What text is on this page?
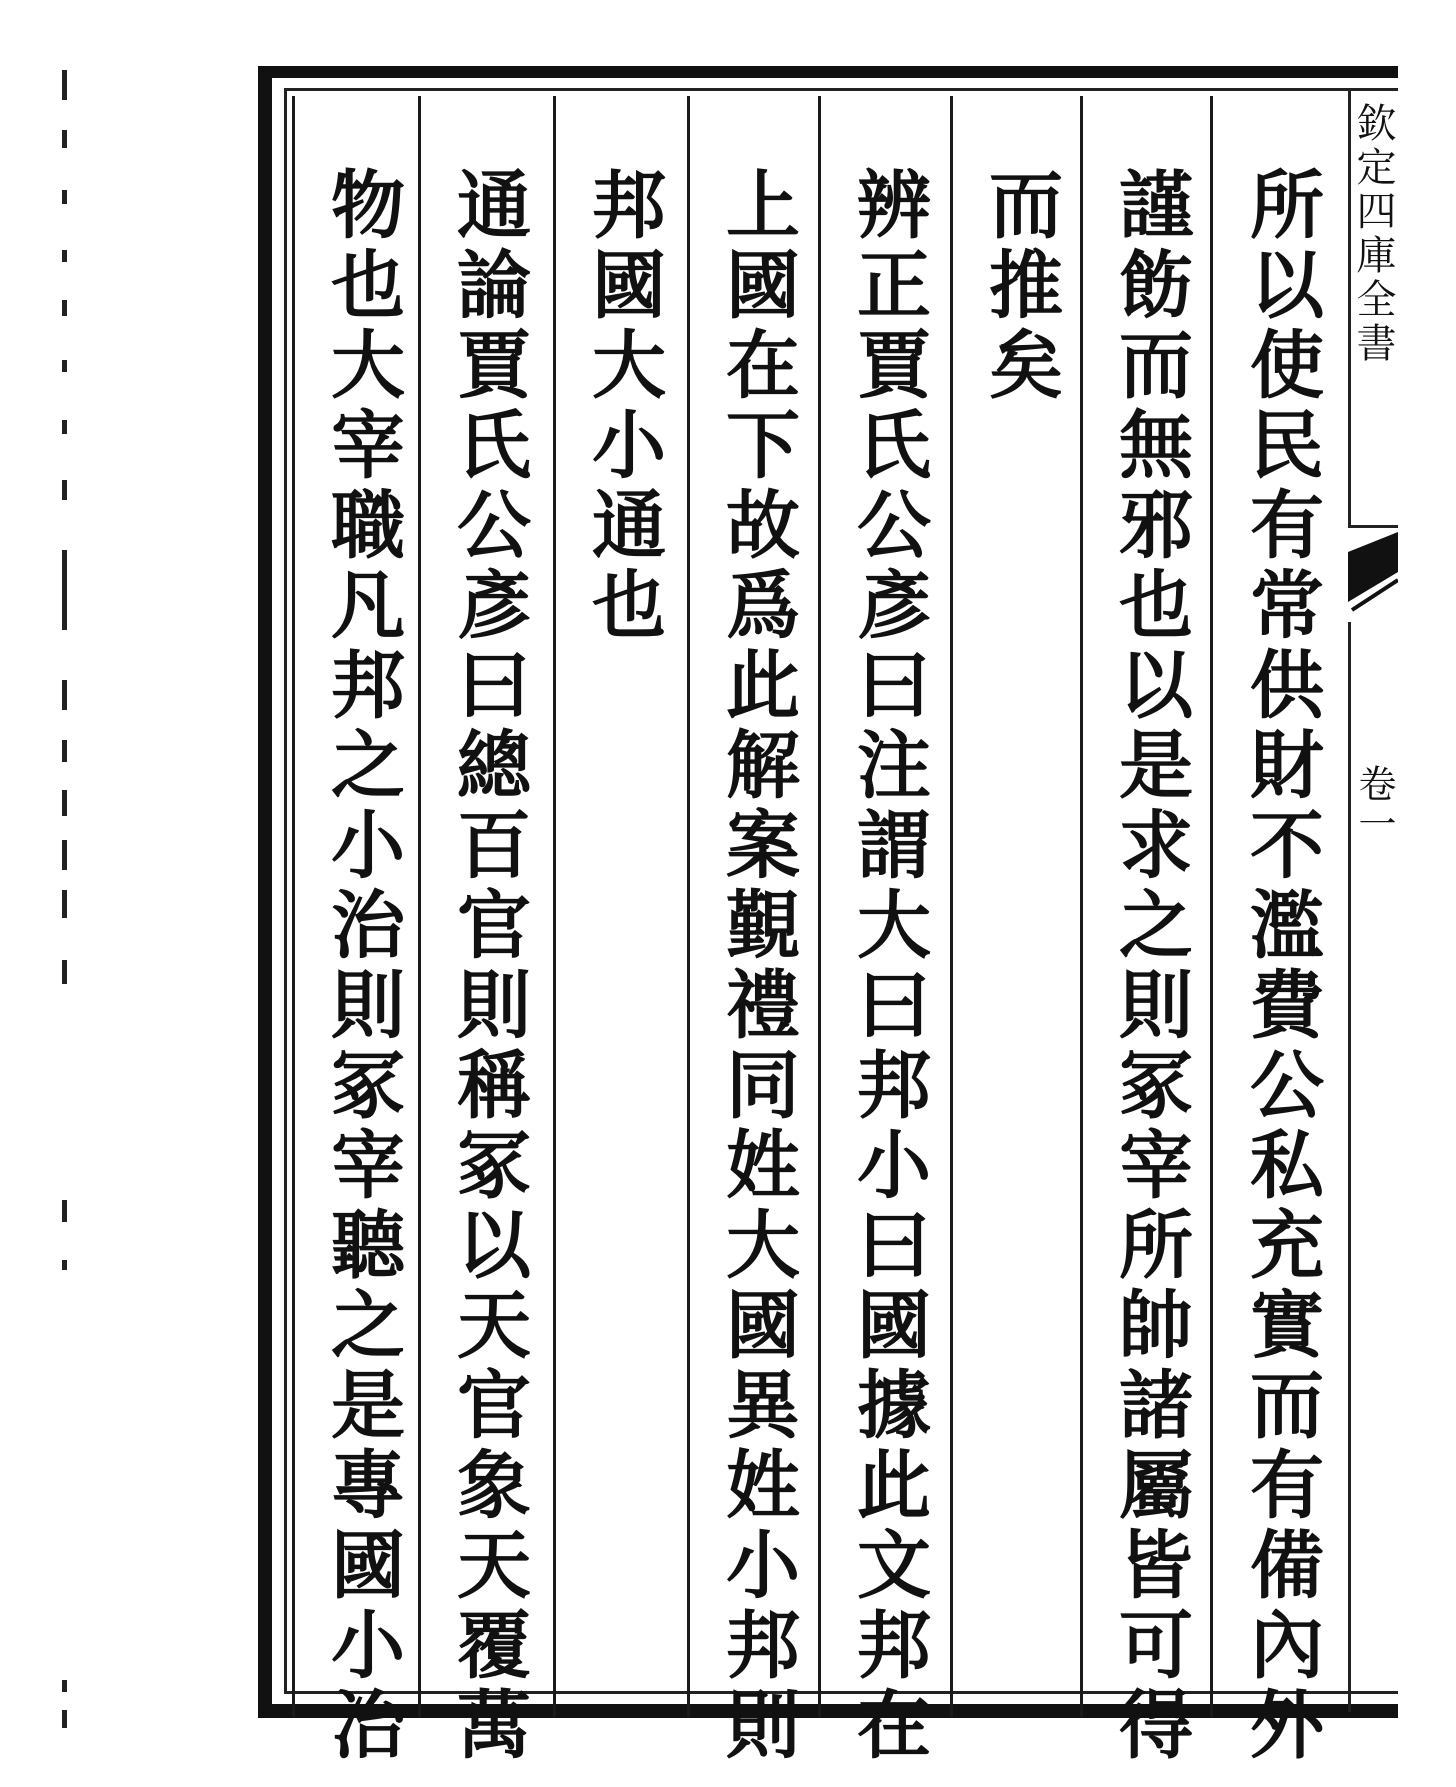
所以使民有常供財不濫費公私充實而有備內外
謹飭而無邪也以是求之則冢宰所帥諸屬皆可得
而推矣
辨正賈氏公彥曰注謂大曰邦小曰國據此文邦在
上國在下故爲此解案覲禮同姓大國異姓小邦則
邦國大小通也
通論賈氏公彥曰總百官則稱冢以天官象天覆萬
物也大宰職凡邦之小治則冢宰聽之是專國小治	欽定四庫全書
卷一
